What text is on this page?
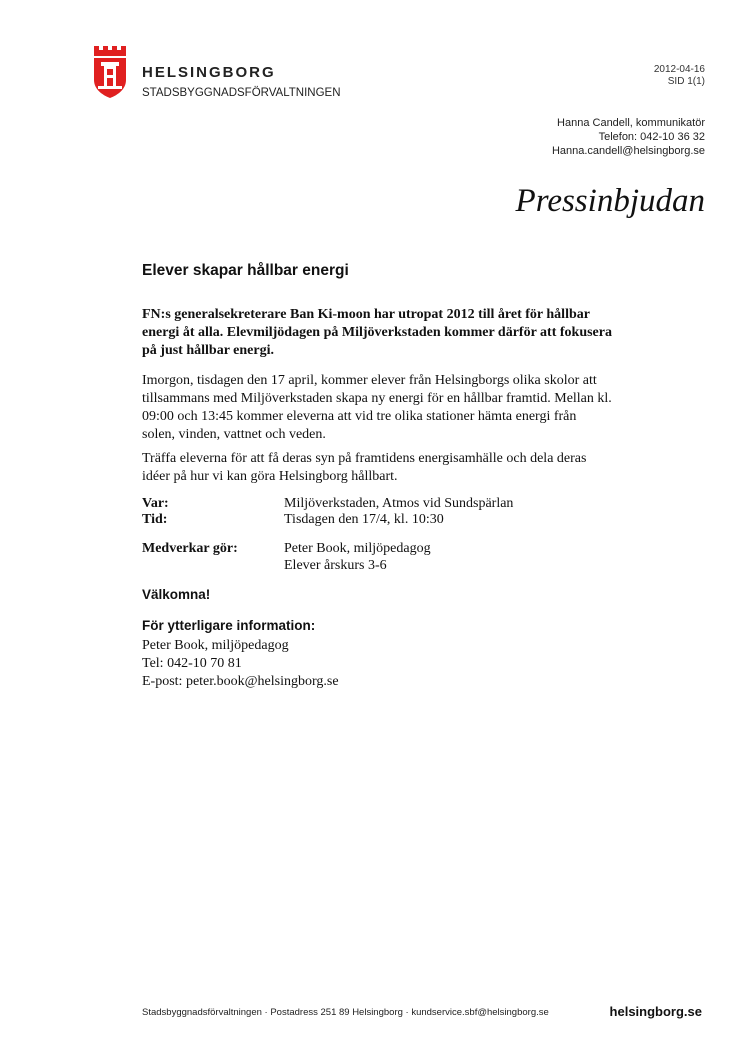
HELSINGBORG
STADSBYGGNADSFÖRVALTNINGEN
2012-04-16
SID 1(1)
Hanna Candell, kommunikatör
Telefon: 042-10 36 32
Hanna.candell@helsingborg.se
Pressinbjudan
Elever skapar hållbar energi
FN:s generalsekreterare Ban Ki-moon har utropat 2012 till året för hållbar energi åt alla. Elevmiljödagen på Miljöverkstaden kommer därför att fokusera på just hållbar energi.
Imorgon, tisdagen den 17 april, kommer elever från Helsingborgs olika skolor att tillsammans med Miljöverkstaden skapa ny energi för en hållbar framtid. Mellan kl. 09:00 och 13:45 kommer eleverna att vid tre olika stationer hämta energi från solen, vinden, vattnet och veden.
Träffa eleverna för att få deras syn på framtidens energisamhälle och dela deras idéer på hur vi kan göra Helsingborg hållbart.
Var:	Miljöverkstaden, Atmos vid Sundspärlan
Tid:	Tisdagen den 17/4, kl. 10:30
Medverkar gör:	Peter Book, miljöpedagog
Elever årskurs 3-6
Välkomna!
För ytterligare information:
Peter Book, miljöpedagog
Tel: 042-10 70 81
E-post: peter.book@helsingborg.se
Stadsbyggnadsförvaltningen · Postadress 251 89 Helsingborg · kundservice.sbf@helsingborg.se	helsingborg.se
